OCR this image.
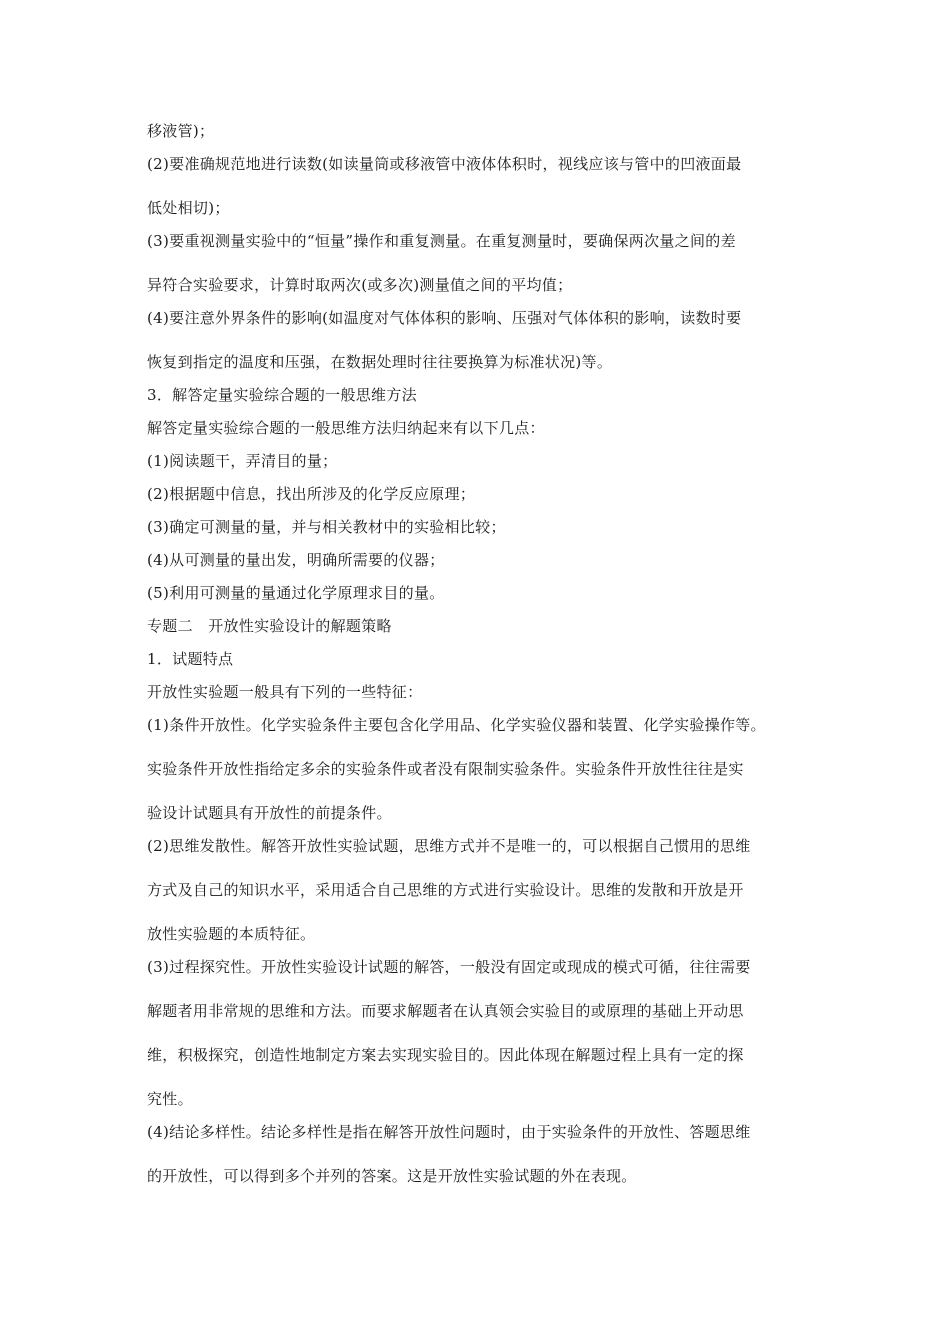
移液管)；
(2)要准确规范地进行读数(如读量筒或移液管中液体体积时，视线应该与管中的凹液面最
低处相切)；
(3)要重视测量实验中的“恒量”操作和重复测量。在重复测量时，要确保两次量之间的差
异符合实验要求，计算时取两次(或多次)测量值之间的平均值；
(4)要注意外界条件的影响(如温度对气体体积的影响、压强对气体体积的影响，读数时要
恢复到指定的温度和压强，在数据处理时往往要换算为标准状况)等。
3．解答定量实验综合题的一般思维方法
解答定量实验综合题的一般思维方法归纳起来有以下几点：
(1)阅读题干，弄清目的量；
(2)根据题中信息，找出所涉及的化学反应原理；
(3)确定可测量的量，并与相关教材中的实验相比较；
(4)从可测量的量出发，明确所需要的仪器；
(5)利用可测量的量通过化学原理求目的量。
专题二　开放性实验设计的解题策略
1．试题特点
开放性实验题一般具有下列的一些特征：
(1)条件开放性。化学实验条件主要包含化学用品、化学实验仪器和装置、化学实验操作等。
实验条件开放性指给定多余的实验条件或者没有限制实验条件。实验条件开放性往往是实
验设计试题具有开放性的前提条件。
(2)思维发散性。解答开放性实验试题，思维方式并不是唯一的，可以根据自己惯用的思维
方式及自己的知识水平，采用适合自己思维的方式进行实验设计。思维的发散和开放是开
放性实验题的本质特征。
(3)过程探究性。开放性实验设计试题的解答，一般没有固定或现成的模式可循，往往需要
解题者用非常规的思维和方法。而要求解题者在认真领会实验目的或原理的基础上开动思
维，积极探究，创造性地制定方案去实现实验目的。因此体现在解题过程上具有一定的探
究性。
(4)结论多样性。结论多样性是指在解答开放性问题时，由于实验条件的开放性、答题思维
的开放性，可以得到多个并列的答案。这是开放性实验试题的外在表现。
